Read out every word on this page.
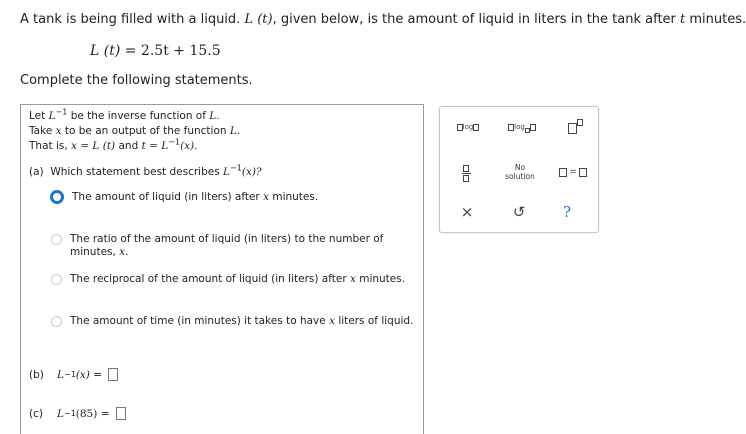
A tank is being filled with a liquid. L (t), given below, is the amount of liquid in liters in the tank after t minutes.
L (t) = 2.5t + 15.5
Complete the following statements.
Let $L^{-1}$ be the inverse function of L.
Take x to be an output of the function L.
That is, x = L (t) and $t = L^{-1}(x)$.
(a) Which statement best describes $L^{-1}(x)$?
The amount of liquid (in liters) after x minutes.
The ratio of the amount of liquid (in liters) to the number of minutes, x.
The reciprocal of the amount of liquid (in liters) after x minutes.
The amount of time (in minutes) it takes to have x liters of liquid.
(b)	L −1 (x)
=
(c)	L −1 (85)
=
log	log
No
solution	=
×	↺	?
